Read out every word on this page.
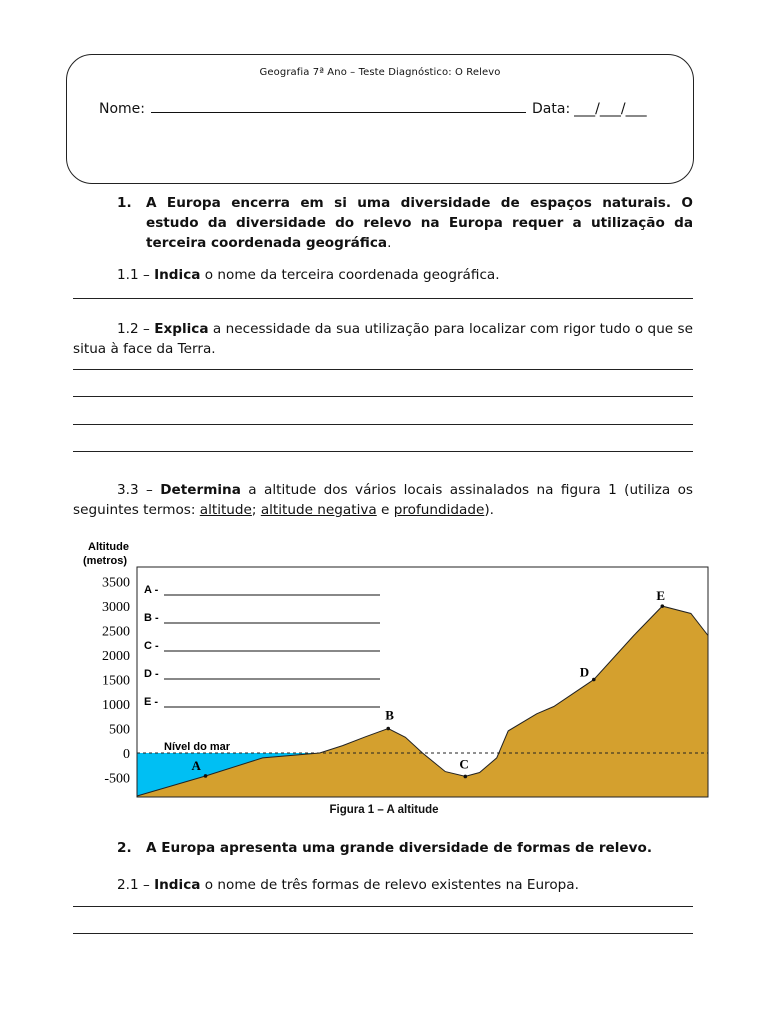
Geografia 7ª Ano – Teste Diagnóstico: O Relevo
Nome:	Data: ___/___/___
1.	A Europa encerra em si uma diversidade de espaços naturais. O estudo da diversidade do relevo na Europa requer a utilização da terceira coordenada geográfica.
1.1 – Indica o nome da terceira coordenada geográfica.
1.2 – Explica a necessidade da sua utilização para localizar com rigor tudo o que se situa à face da Terra.
3.3 – Determina a altitude dos vários locais assinalados na figura 1 (utiliza os seguintes termos: altitude; altitude negativa e profundidade).
Altitude
(metros)
3500
3000
2500
2000
1500
1000
500
0
-500
Nível do mar
A -
B -
C -
D -
E -
A
B
C
D
E
Figura 1 – A altitude
2.	A Europa apresenta uma grande diversidade de formas de relevo.
2.1 – Indica o nome de três formas de relevo existentes na Europa.
